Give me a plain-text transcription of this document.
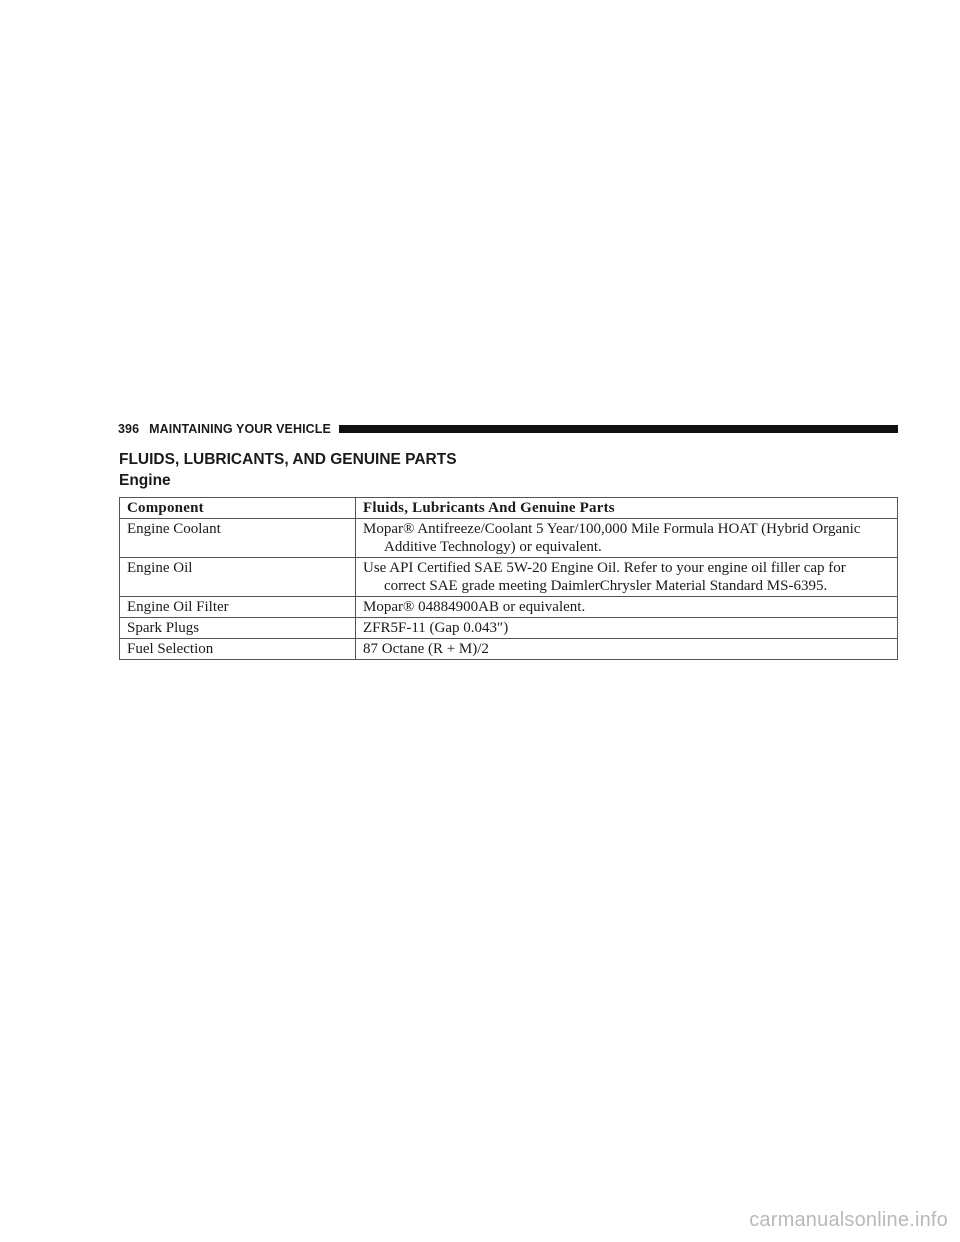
396 MAINTAINING YOUR VEHICLE
FLUIDS, LUBRICANTS, AND GENUINE PARTS
Engine
Component	Fluids, Lubricants And Genuine Parts
Engine Coolant	Mopar® Antifreeze/Coolant 5 Year/100,000 Mile Formula HOAT (Hybrid Organic Additive Technology) or equivalent.
Engine Oil	Use API Certified SAE 5W-20 Engine Oil. Refer to your engine oil filler cap for correct SAE grade meeting DaimlerChrysler Material Standard MS-6395.
Engine Oil Filter	Mopar® 04884900AB or equivalent.
Spark Plugs	ZFR5F-11 (Gap 0.043″)
Fuel Selection	87 Octane (R + M)/2
carmanualsonline.info
